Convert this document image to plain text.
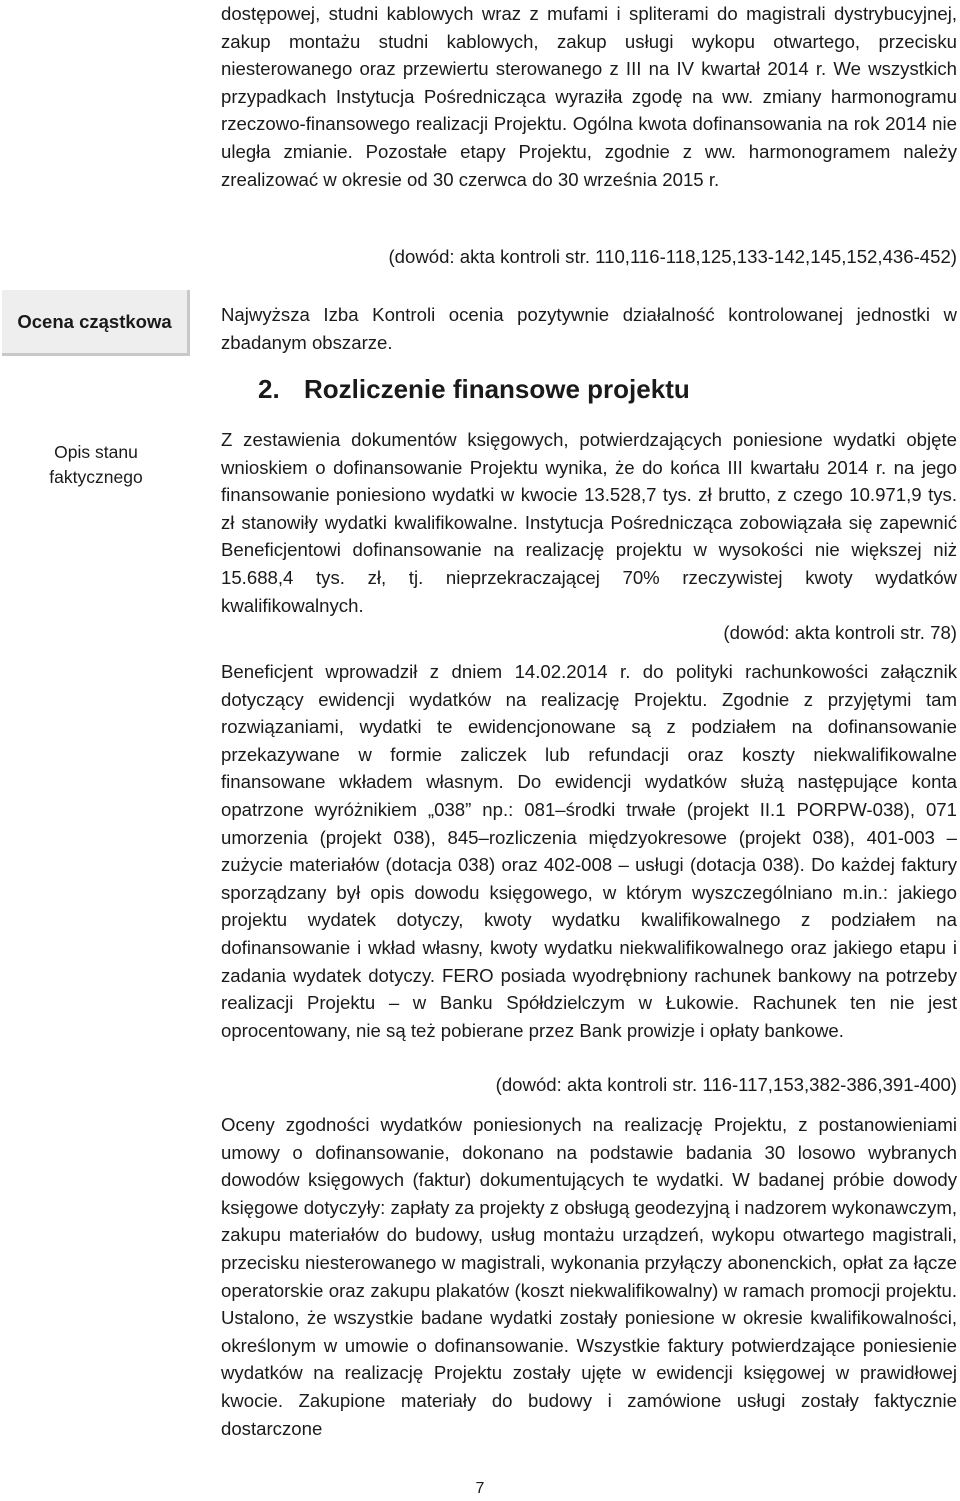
dostępowej, studni kablowych wraz z mufami i spliterami do magistrali dystrybucyjnej, zakup montażu studni kablowych, zakup usługi wykopu otwartego, przecisku niesterowanego oraz przewiertu sterowanego z III na IV kwartał 2014 r. We wszystkich przypadkach Instytucja Pośrednicząca wyraziła zgodę na ww. zmiany harmonogramu rzeczowo-finansowego realizacji Projektu. Ogólna kwota dofinansowania na rok 2014 nie uległa zmianie. Pozostałe etapy Projektu, zgodnie z ww. harmonogramem należy zrealizować w okresie od 30 czerwca do 30 września 2015 r.

(dowód: akta kontroli str. 110,116-118,125,133-142,145,152,436-452)

Ocena cząstkowa	Najwyższa Izba Kontroli ocenia pozytywnie działalność kontrolowanej jednostki w zbadanym obszarze.

2. Rozliczenie finansowe projektu
Opis stanu
faktycznego

Z zestawienia dokumentów księgowych, potwierdzających poniesione wydatki objęte wnioskiem o dofinansowanie Projektu wynika, że do końca III kwartału 2014 r. na jego finansowanie poniesiono wydatki w kwocie 13.528,7 tys. zł brutto, z czego 10.971,9 tys. zł stanowiły wydatki kwalifikowalne. Instytucja Pośrednicząca zobowiązała się zapewnić Beneficjentowi dofinansowanie na realizację projektu w wysokości nie większej niż 15.688,4 tys. zł, tj. nieprzekraczającej 70% rzeczywistej kwoty wydatków kwalifikowalnych.

(dowód: akta kontroli str. 78)

Beneficjent wprowadził z dniem 14.02.2014 r. do polityki rachunkowości załącznik dotyczący ewidencji wydatków na realizację Projektu. Zgodnie z przyjętymi tam rozwiązaniami, wydatki te ewidencjonowane są z podziałem na dofinansowanie przekazywane w formie zaliczek lub refundacji oraz koszty niekwalifikowalne finansowane wkładem własnym. Do ewidencji wydatków służą następujące konta opatrzone wyróżnikiem „038” np.: 081–środki trwałe (projekt II.1 PORPW-038), 071 umorzenia (projekt 038), 845–rozliczenia międzyokresowe (projekt 038), 401-003 – zużycie materiałów (dotacja 038) oraz 402-008 – usługi (dotacja 038). Do każdej faktury sporządzany był opis dowodu księgowego, w którym wyszczególniano m.in.: jakiego projektu wydatek dotyczy, kwoty wydatku kwalifikowalnego z podziałem na dofinansowanie i wkład własny, kwoty wydatku niekwalifikowalnego oraz jakiego etapu i zadania wydatek dotyczy. FERO posiada wyodrębniony rachunek bankowy na potrzeby realizacji Projektu – w Banku Spółdzielczym w Łukowie. Rachunek ten nie jest oprocentowany, nie są też pobierane przez Bank prowizje i opłaty bankowe.

(dowód: akta kontroli str. 116-117,153,382-386,391-400)

Oceny zgodności wydatków poniesionych na realizację Projektu, z postanowieniami umowy o dofinansowanie, dokonano na podstawie badania 30 losowo wybranych dowodów księgowych (faktur) dokumentujących te wydatki. W badanej próbie dowody księgowe dotyczyły: zapłaty za projekty z obsługą geodezyjną i nadzorem wykonawczym, zakupu materiałów do budowy, usług montażu urządzeń, wykopu otwartego magistrali, przecisku niesterowanego w magistrali, wykonania przyłączy abonenckich, opłat za łącze operatorskie oraz zakupu plakatów (koszt niekwalifikowalny) w ramach promocji projektu. Ustalono, że wszystkie badane wydatki zostały poniesione w okresie kwalifikowalności, określonym w umowie o dofinansowanie. Wszystkie faktury potwierdzające poniesienie wydatków na realizację Projektu zostały ujęte w ewidencji księgowej w prawidłowej kwocie. Zakupione materiały do budowy i zamówione usługi zostały faktycznie dostarczone

7
